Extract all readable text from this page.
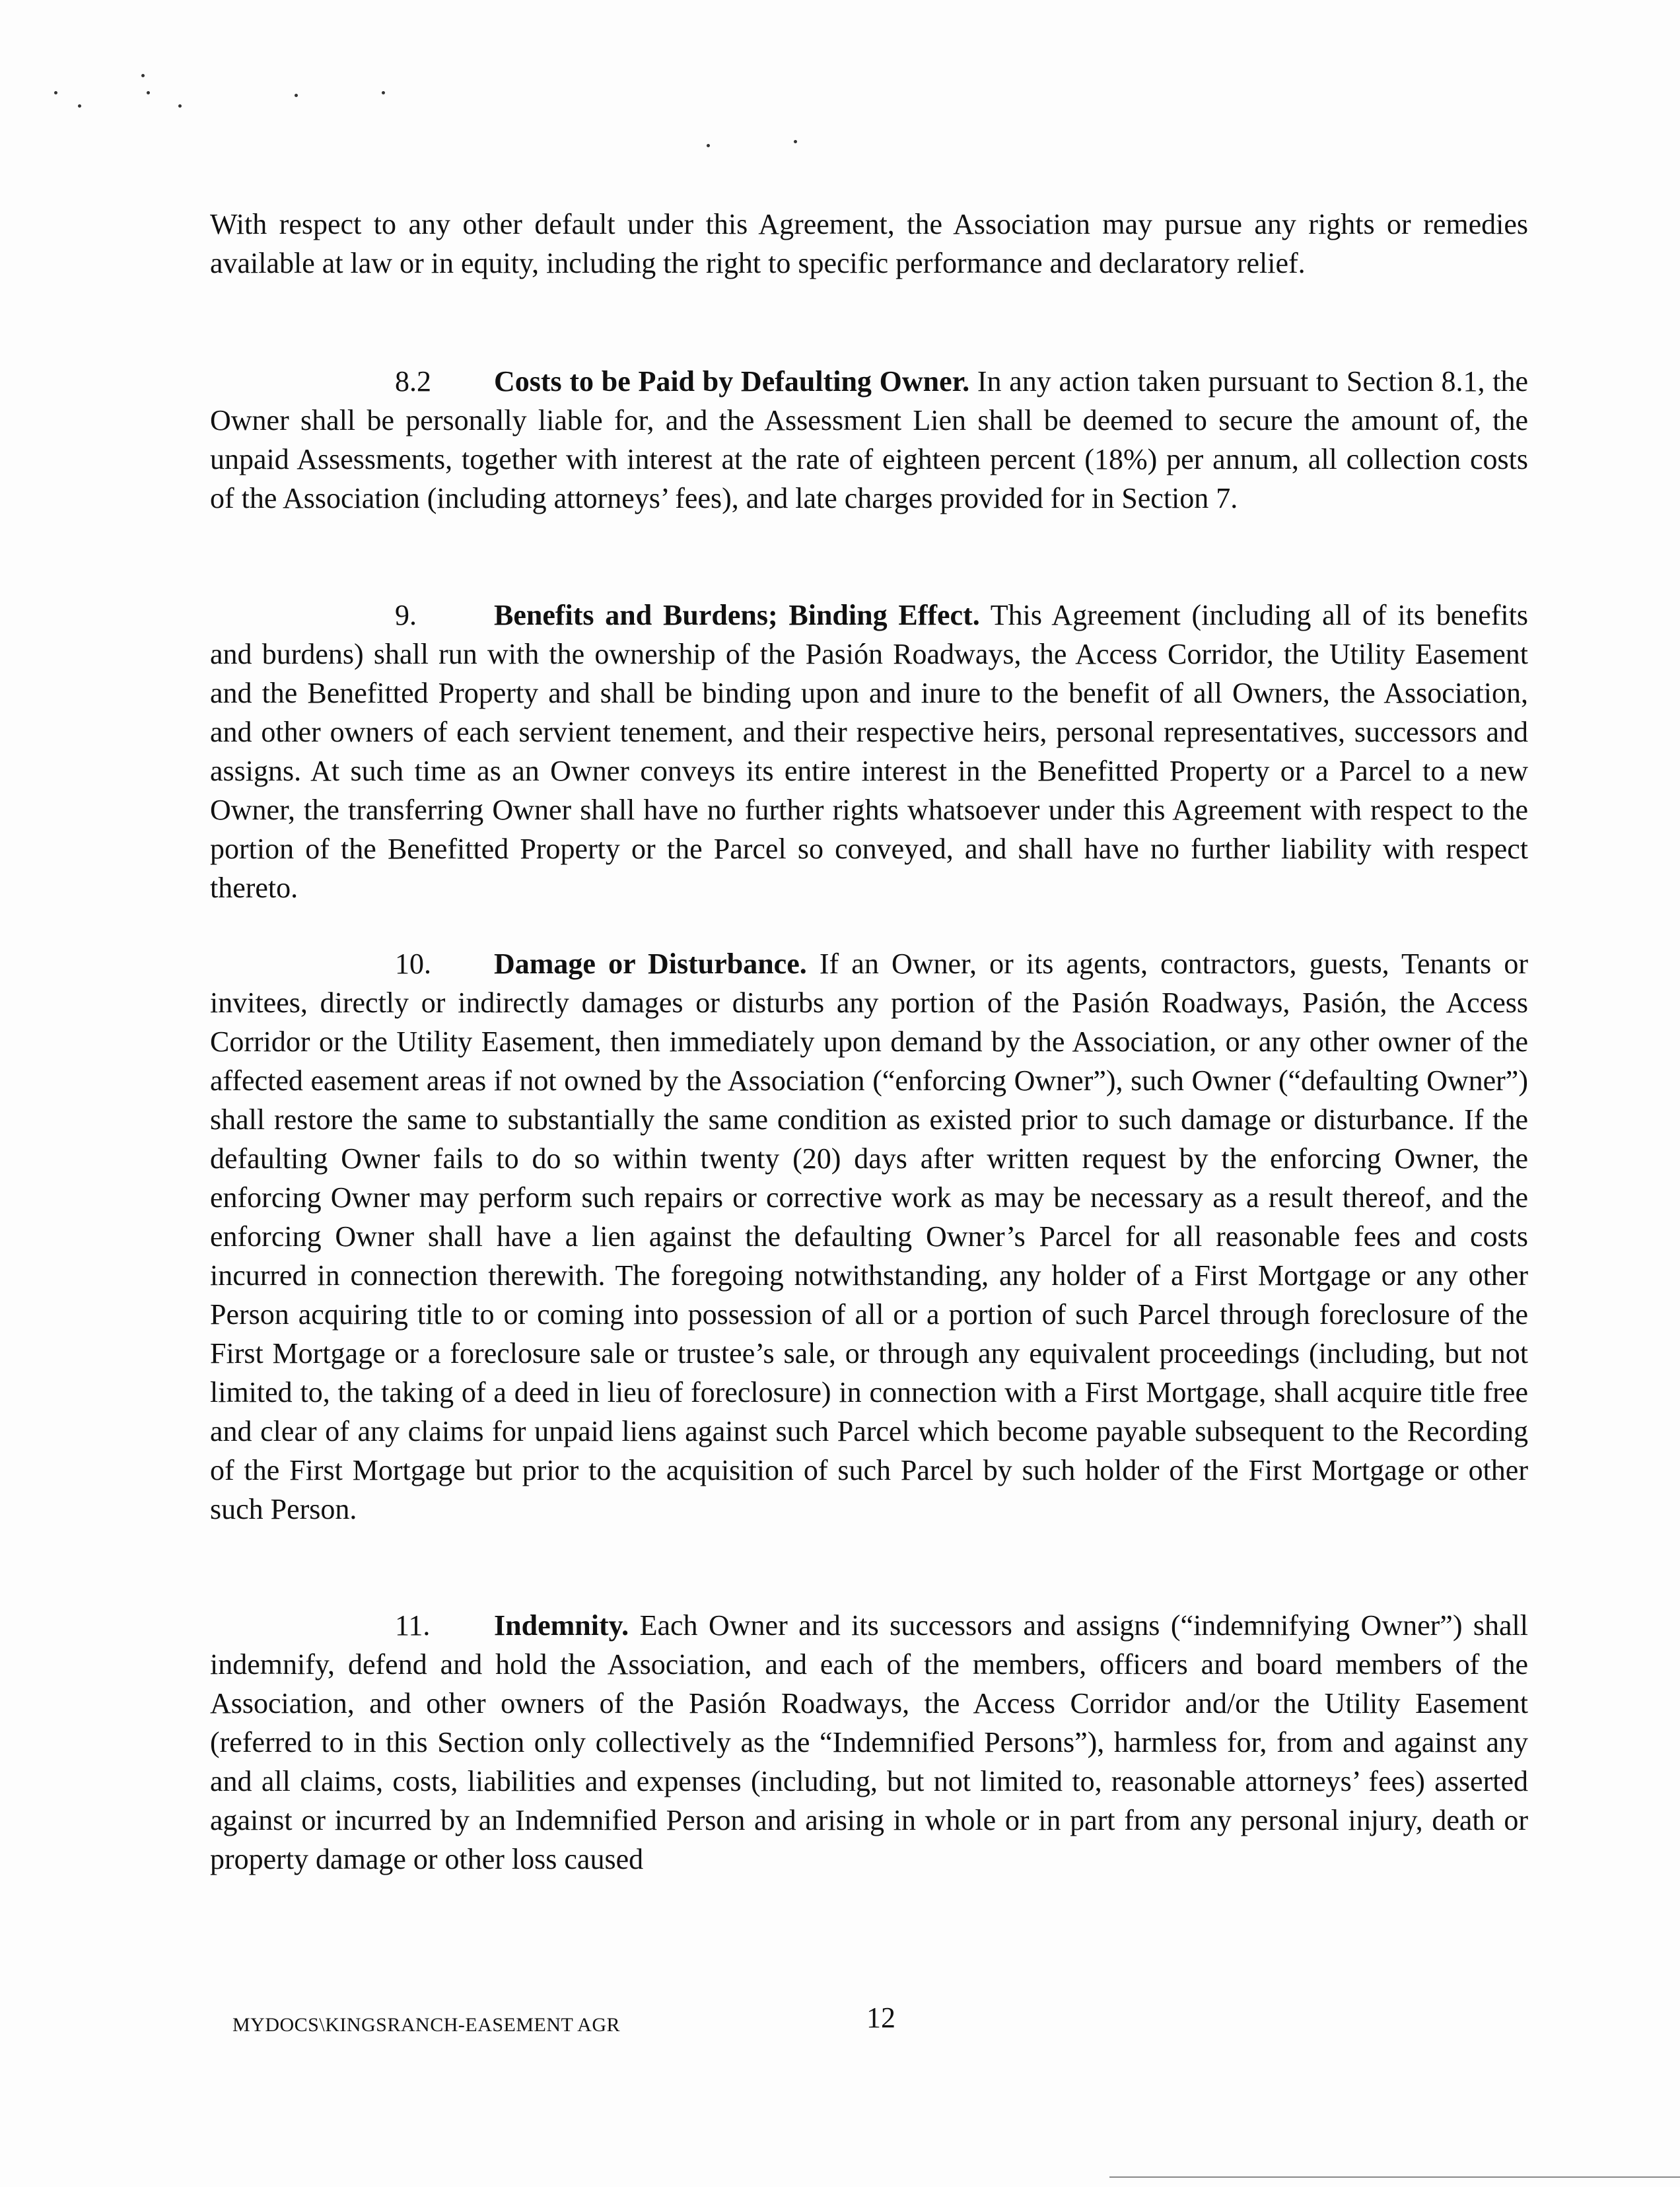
With respect to any other default under this Agreement, the Association may pursue any rights or remedies available at law or in equity, including the right to specific performance and declaratory relief.

8.2 Costs to be Paid by Defaulting Owner. In any action taken pursuant to Section 8.1, the Owner shall be personally liable for, and the Assessment Lien shall be deemed to secure the amount of, the unpaid Assessments, together with interest at the rate of eighteen percent (18%) per annum, all collection costs of the Association (including attorneys’ fees), and late charges provided for in Section 7.

9.	Benefits and Burdens; Binding Effect. This Agreement (including all of its benefits and burdens) shall run with the ownership of the Pasión Roadways, the Access Corridor, the Utility Easement and the Benefitted Property and shall be binding upon and inure to the benefit of all Owners, the Association, and other owners of each servient tenement, and their respective heirs, personal representatives, successors and assigns. At such time as an Owner conveys its entire interest in the Benefitted Property or a Parcel to a new Owner, the transferring Owner shall have no further rights whatsoever under this Agreement with respect to the portion of the Benefitted Property or the Parcel so conveyed, and shall have no further liability with respect thereto.

10. Damage or Disturbance. If an Owner, or its agents, contractors, guests, Tenants or invitees, directly or indirectly damages or disturbs any portion of the Pasión Roadways, Pasión, the Access Corridor or the Utility Easement, then immediately upon demand by the Association, or any other owner of the affected easement areas if not owned by the Association (“enforcing Owner”), such Owner (“defaulting Owner”) shall restore the same to substantially the same condition as existed prior to such damage or disturbance. If the defaulting Owner fails to do so within twenty (20) days after written request by the enforcing Owner, the enforcing Owner may perform such repairs or corrective work as may be necessary as a result thereof, and the enforcing Owner shall have a lien against the defaulting Owner’s Parcel for all reasonable fees and costs incurred in connection therewith. The foregoing notwithstanding, any holder of a First Mortgage or any other Person acquiring title to or coming into possession of all or a portion of such Parcel through foreclosure of the First Mortgage or a foreclosure sale or trustee’s sale, or through any equivalent proceedings (including, but not limited to, the taking of a deed in lieu of foreclosure) in connection with a First Mortgage, shall acquire title free and clear of any claims for unpaid liens against such Parcel which become payable subsequent to the Recording of the First Mortgage but prior to the acquisition of such Parcel by such holder of the First Mortgage or other such Person.

11. Indemnity. Each Owner and its successors and assigns (“indemnifying Owner”) shall indemnify, defend and hold the Association, and each of the members, officers and board members of the Association, and other owners of the Pasión Roadways, the Access Corridor and/or the Utility Easement (referred to in this Section only collectively as the “Indemnified Persons”), harmless for, from and against any and all claims, costs, liabilities and expenses (including, but not limited to, reasonable attorneys’ fees) asserted against or incurred by an Indemnified Person and arising in whole or in part from any personal injury, death or property damage or other loss caused

MYDOCS\KINGSRANCH-EASEMENT AGR	12
